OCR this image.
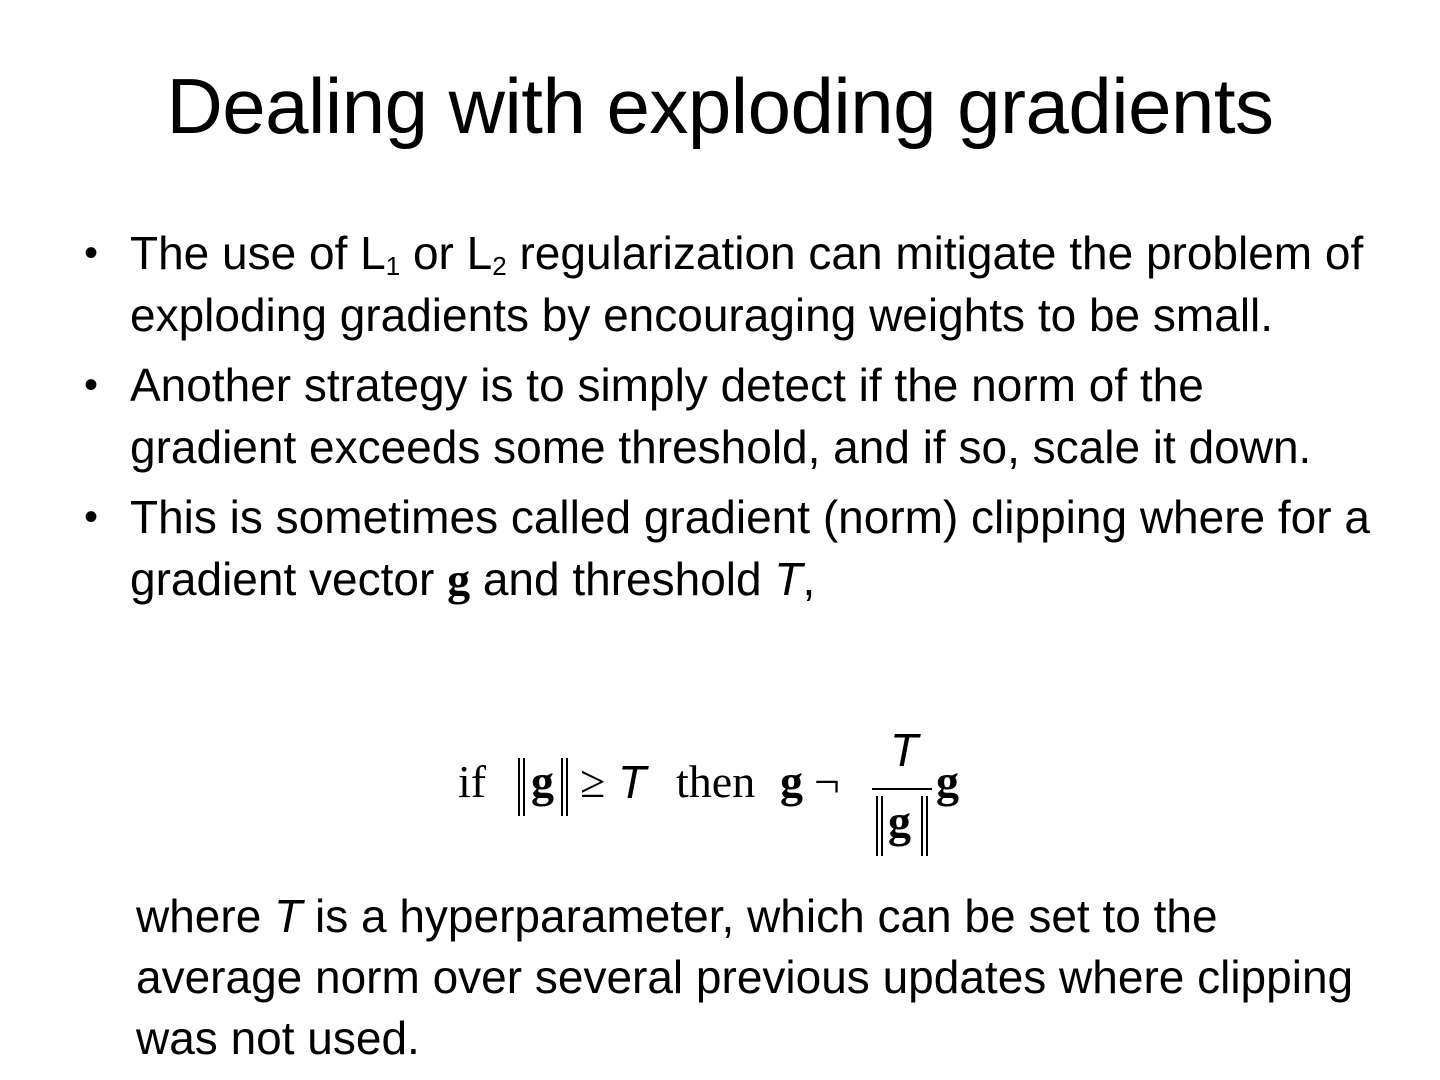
Dealing with exploding gradients
• The use of $L_1$ or $L_2$ regularization can mitigate the problem of exploding gradients by encouraging weights to be small.
• Another strategy is to simply detect if the norm of the gradient exceeds some threshold, and if so, scale it down.
• This is sometimes called gradient (norm) clipping where for a gradient vector g and threshold T,
if g ≥ T then g ¬
T
g
g

where T is a hyperparameter, which can be set to the average norm over several previous updates where clipping was not used.
